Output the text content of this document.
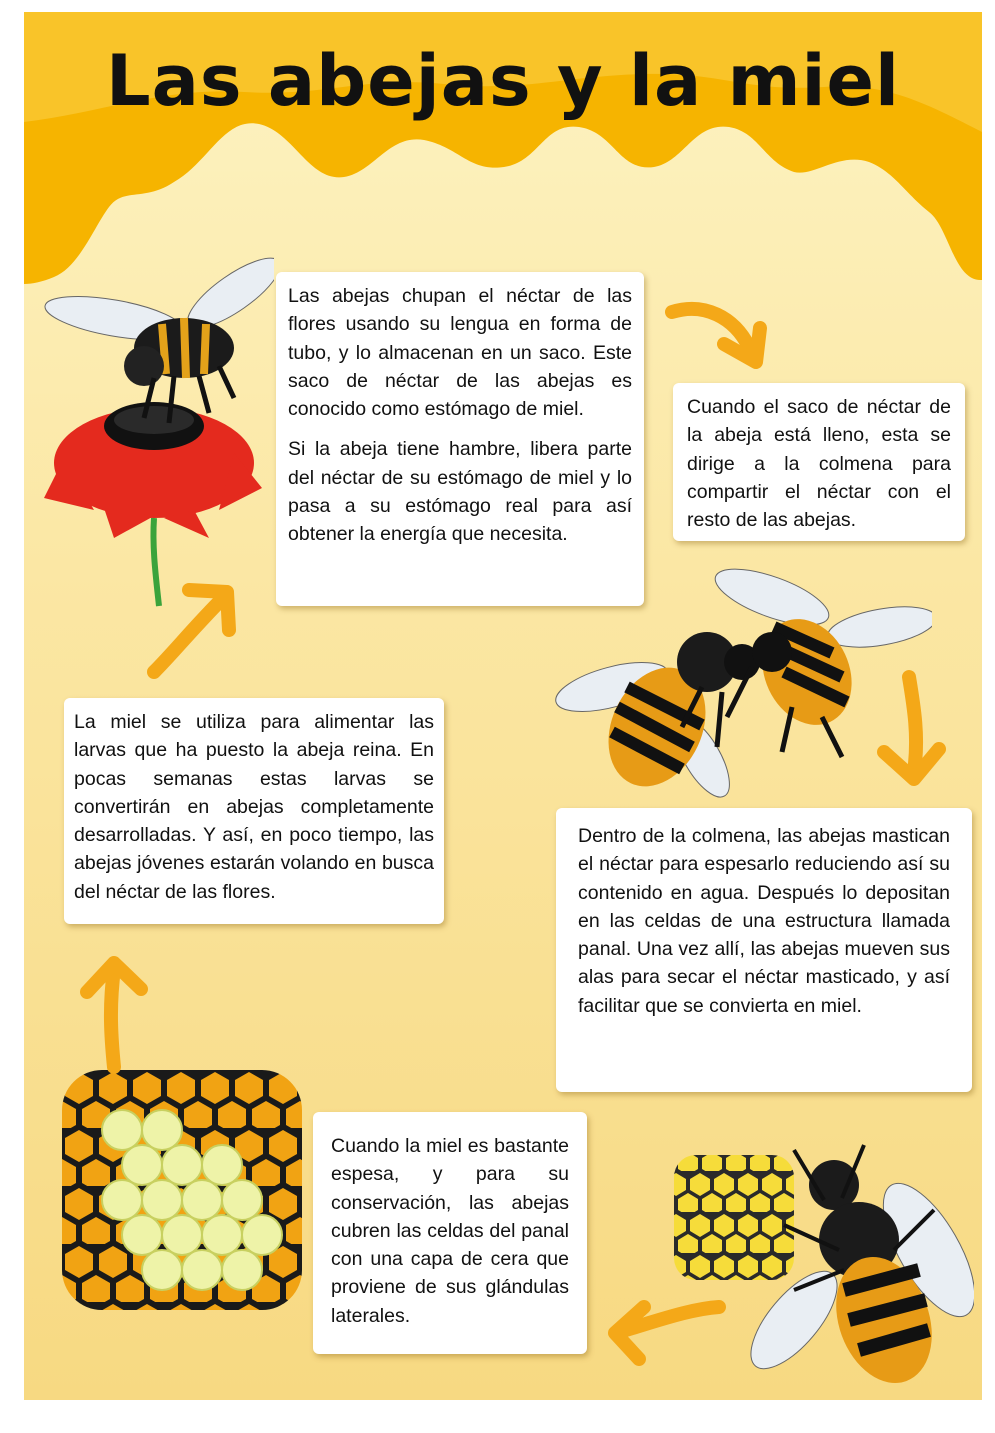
Las abejas y la miel

Las abejas chupan el néctar de las flores usando su lengua en forma de tubo, y lo almacenan en un saco. Este saco de néctar de las abejas es conocido como estómago de miel.

Si la abeja tiene hambre, libera parte del néctar de su estómago de miel y lo pasa a su estómago real para así obtener la energía que necesita.

Cuando el saco de néctar de la abeja está lleno, esta se dirige a la colmena para compartir el néctar con el resto de las abejas.

La miel se utiliza para alimentar las larvas que ha puesto la abeja reina. En pocas semanas estas larvas se convertirán en abejas completamente desarrolladas. Y así, en poco tiempo, las abejas jóvenes estarán volando en busca del néctar de las flores.

Dentro de la colmena, las abejas mastican el néctar para espesarlo reduciendo así su contenido en agua. Después lo depositan en las celdas de una estructura llamada panal. Una vez allí, las abejas mueven sus alas para secar el néctar masticado, y así facilitar que se convierta en miel.

Cuando la miel es bastante espesa, y para su conservación, las abejas cubren las celdas del panal con una capa de cera que proviene de sus glándulas laterales.
